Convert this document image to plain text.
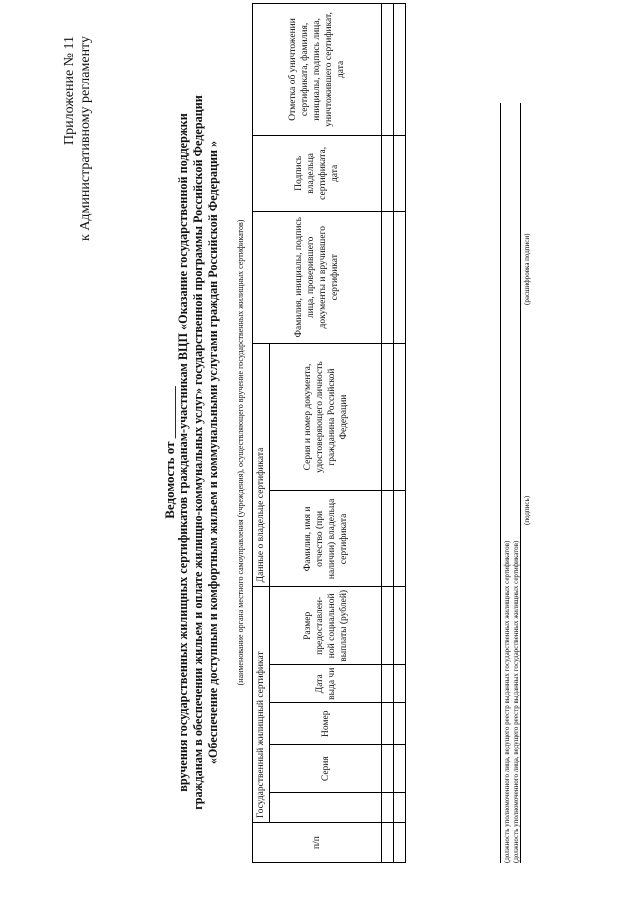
Приложение № 11 к Административному регламенту
Ведомость от ________ вручения государственных жилищных сертификатов гражданам-участникам ВЦП «Оказание государственной поддержки гражданам в обеспечении жильем и оплате жилищно-коммунальных услуг» государственной программы Российской Федерации «Обеспечение доступным и комфортным жильем и коммунальными услугами граждан Российской Федерации » (наименование органа местного самоуправления (учреждения), осуществляющего вручение государственных жилищных сертификатов)
п/п	Государственный жилищный сертификат					Данные о владельце сертификата		Фамилия, инициалы, подпись лица, проверившего документы и вручившего сертификат	Подпись владельца сертификата, дата	Отметка об уничтожении сертификата, фамилия, инициалы, подпись лица, уничтожившего сертификат, дата
		Серия	Номер	Дата выда чи	Размер предоставлен- ной социальной выплаты (рублей)	Фамилия, имя и отчество (при наличии) владельца сертификата	Серия и номер документа, удостоверяющего личность гражданина Российской Федерации			

(должность уполномоченного лица, ведущего реестр выданных государственных жилищных сертификатов) (должность уполномоченного лица, ведущего реестр выданных государственных жилищных сертификатов)
(подпись)
(расшифровка подписи)
